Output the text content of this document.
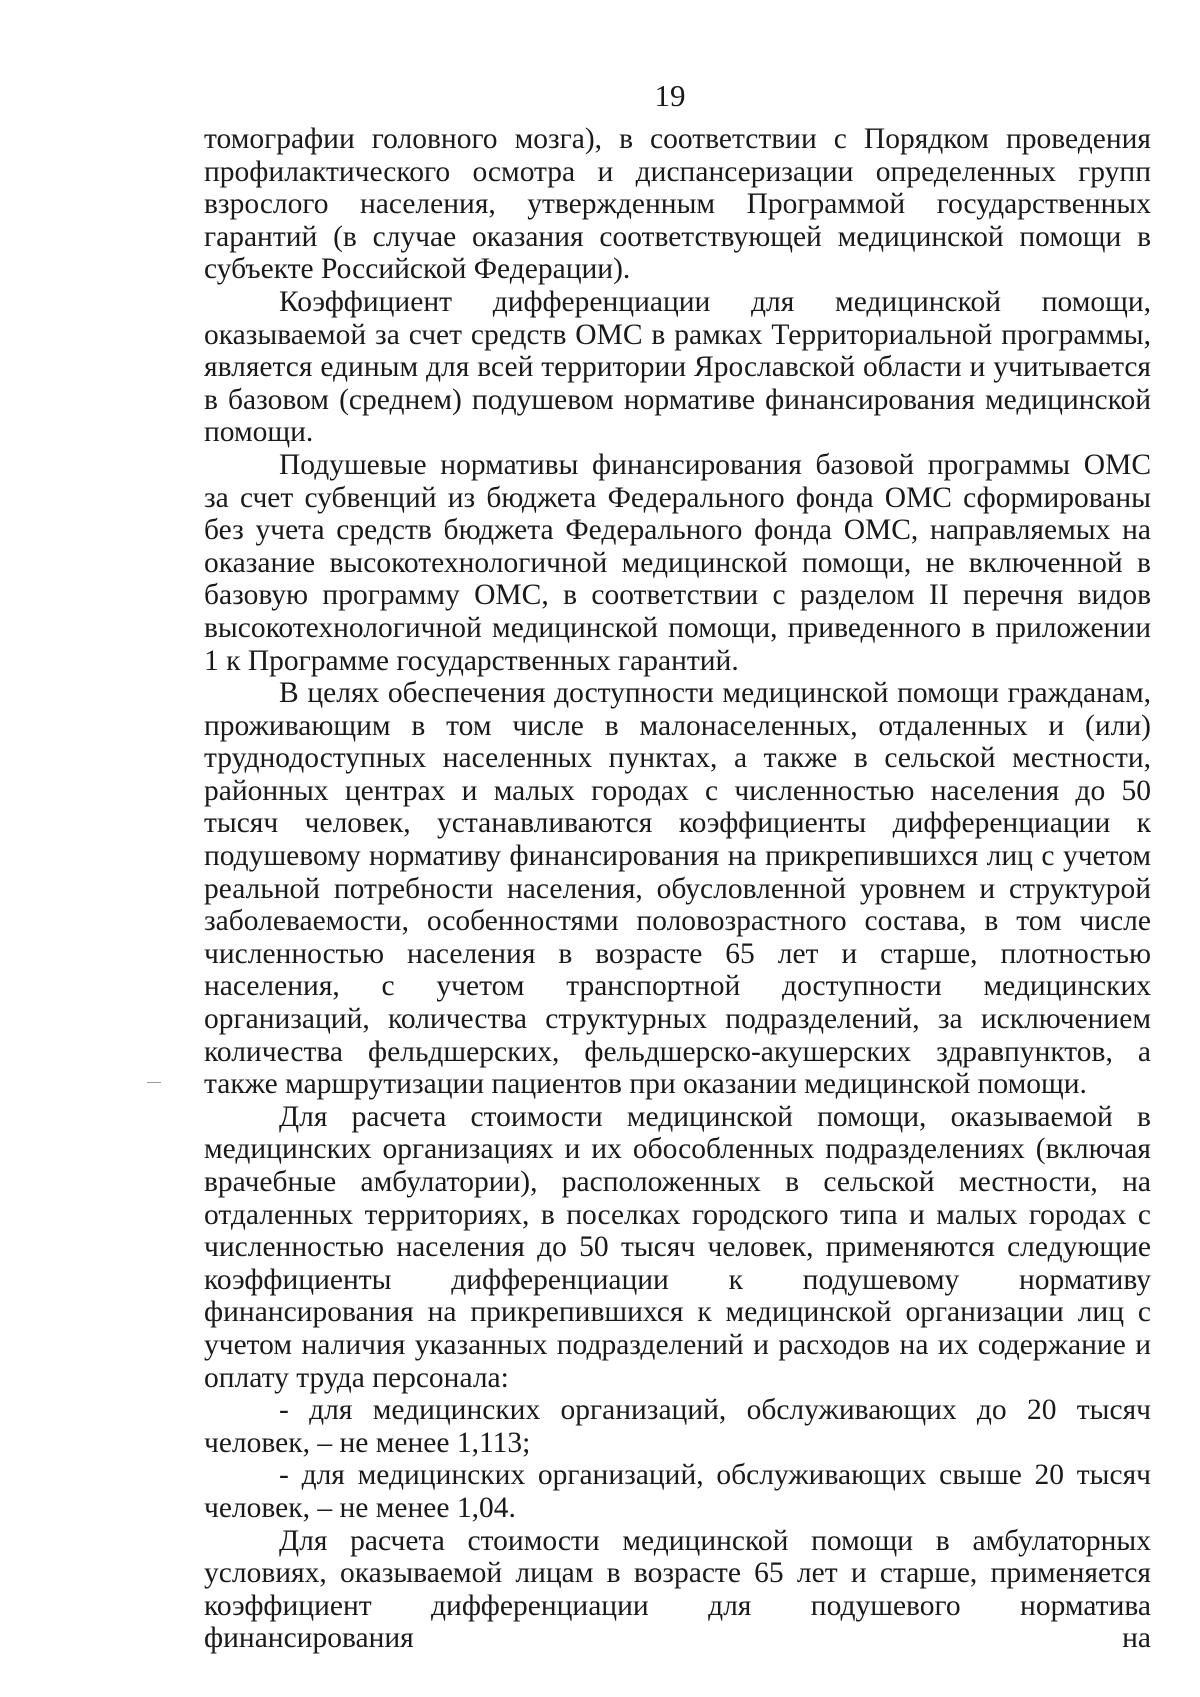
19

томографии головного мозга), в соответствии с Порядком проведения профилактического осмотра и диспансеризации определенных групп взрослого населения, утвержденным Программой государственных гарантий (в случае оказания соответствующей медицинской помощи в субъекте Российской Федерации).

Коэффициент дифференциации для медицинской помощи, оказываемой за счет средств ОМС в рамках Территориальной программы, является единым для всей территории Ярославской области и учитывается в базовом (среднем) подушевом нормативе финансирования медицинской помощи.

Подушевые нормативы финансирования базовой программы ОМС за счет субвенций из бюджета Федерального фонда ОМС сформированы без учета средств бюджета Федерального фонда ОМС, направляемых на оказание высокотехнологичной медицинской помощи, не включенной в базовую программу ОМС, в соответствии с разделом II перечня видов высокотехнологичной медицинской помощи, приведенного в приложении 1 к Программе государственных гарантий.

В целях обеспечения доступности медицинской помощи гражданам, проживающим в том числе в малонаселенных, отдаленных и (или) труднодоступных населенных пунктах, а также в сельской местности, районных центрах и малых городах с численностью населения до 50 тысяч человек, устанавливаются коэффициенты дифференциации к подушевому нормативу финансирования на прикрепившихся лиц с учетом реальной потребности населения, обусловленной уровнем и структурой заболеваемости, особенностями половозрастного состава, в том числе численностью населения в возрасте 65 лет и старше, плотностью населения, с учетом транспортной доступности медицинских организаций, количества структурных подразделений, за исключением количества фельдшерских, фельдшерско-акушерских здравпунктов, а также маршрутизации пациентов при оказании медицинской помощи.

Для расчета стоимости медицинской помощи, оказываемой в медицинских организациях и их обособленных подразделениях (включая врачебные амбулатории), расположенных в сельской местности, на отдаленных территориях, в поселках городского типа и малых городах с численностью населения до 50 тысяч человек, применяются следующие коэффициенты дифференциации к подушевому нормативу финансирования на прикрепившихся к медицинской организации лиц с учетом наличия указанных подразделений и расходов на их содержание и оплату труда персонала:

- для медицинских организаций, обслуживающих до 20 тысяч человек, – не менее 1,113;

- для медицинских организаций, обслуживающих свыше 20 тысяч человек, – не менее 1,04.

Для расчета стоимости медицинской помощи в амбулаторных условиях, оказываемой лицам в возрасте 65 лет и старше, применяется коэффициент дифференциации для подушевого норматива финансирования на
